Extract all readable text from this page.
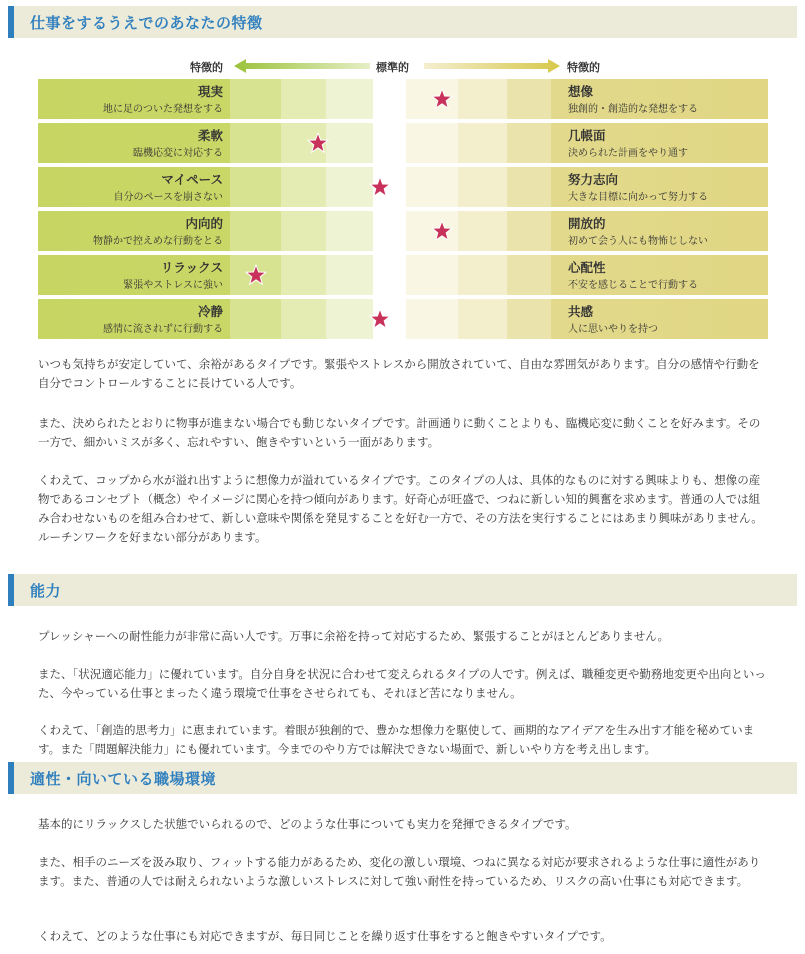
仕事をするうえでのあなたの特徴
特徴的	標準的	特徴的
現実
地に足のついた発想をする
想像
独創的・創造的な発想をする
柔軟
臨機応変に対応する
几帳面
決められた計画をやり通す
マイペース
自分のペースを崩さない
努力志向
大きな目標に向かって努力する
内向的
物静かで控えめな行動をとる
開放的
初めて会う人にも物怖じしない
リラックス
緊張やストレスに強い
心配性
不安を感じることで行動する
冷静
感情に流されずに行動する
共感
人に思いやりを持つ

いつも気持ちが安定していて、余裕があるタイプです。緊張やストレスから開放されていて、自由な雰囲気があります。自分の感情や行動を自分でコントロールすることに長けている人です。

また、決められたとおりに物事が進まない場合でも動じないタイプです。計画通りに動くことよりも、臨機応変に動くことを好みます。その一方で、細かいミスが多く、忘れやすい、飽きやすいという一面があります。

くわえて、コップから水が溢れ出すように想像力が溢れているタイプです。このタイプの人は、具体的なものに対する興味よりも、想像の産物であるコンセプト（概念）やイメージに関心を持つ傾向があります。好奇心が旺盛で、つねに新しい知的興奮を求めます。普通の人では組み合わせないものを組み合わせて、新しい意味や関係を発見することを好む一方で、その方法を実行することにはあまり興味がありません。ルーチンワークを好まない部分があります。

能力

プレッシャーへの耐性能力が非常に高い人です。万事に余裕を持って対応するため、緊張することがほとんどありません。

また、「状況適応能力」に優れています。自分自身を状況に合わせて変えられるタイプの人です。例えば、職種変更や勤務地変更や出向といった、今やっている仕事とまったく違う環境で仕事をさせられても、それほど苦になりません。

くわえて、「創造的思考力」に恵まれています。着眼が独創的で、豊かな想像力を駆使して、画期的なアイデアを生み出す才能を秘めています。また「問題解決能力」にも優れています。今までのやり方では解決できない場面で、新しいやり方を考え出します。

適性・向いている職場環境

基本的にリラックスした状態でいられるので、どのような仕事についても実力を発揮できるタイプです。

また、相手のニーズを汲み取り、フィットする能力があるため、変化の激しい環境、つねに異なる対応が要求されるような仕事に適性があります。また、普通の人では耐えられないような激しいストレスに対して強い耐性を持っているため、リスクの高い仕事にも対応できます。

くわえて、どのような仕事にも対応できますが、毎日同じことを繰り返す仕事をすると飽きやすいタイプです。
